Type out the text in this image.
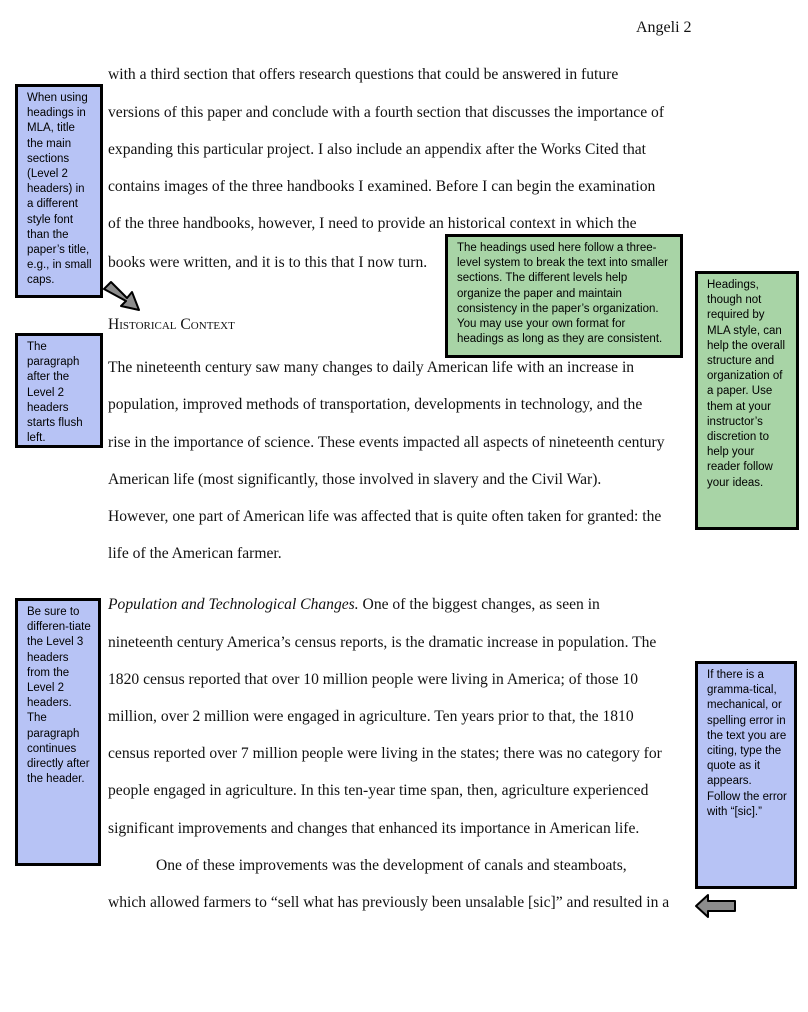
Angeli 2
with a third section that offers research questions that could be answered in future
versions of this paper and conclude with a fourth section that discusses the importance of
expanding this particular project. I also include an appendix after the Works Cited that
contains images of the three handbooks I examined. Before I can begin the examination
of the three handbooks, however, I need to provide an historical context in which the
books were written, and it is to this that I now turn.
Historical Context
The nineteenth century saw many changes to daily American life with an increase in
population, improved methods of transportation, developments in technology, and the
rise in the importance of science. These events impacted all aspects of nineteenth century
American life (most significantly, those involved in slavery and the Civil War).
However, one part of American life was affected that is quite often taken for granted: the
life of the American farmer.
Population and Technological Changes. One of the biggest changes, as seen in
nineteenth century America’s census reports, is the dramatic increase in population. The
1820 census reported that over 10 million people were living in America; of those 10
million, over 2 million were engaged in agriculture. Ten years prior to that, the 1810
census reported over 7 million people were living in the states; there was no category for
people engaged in agriculture. In this ten-year time span, then, agriculture experienced
significant improvements and changes that enhanced its importance in American life.
One of these improvements was the development of canals and steamboats,
which allowed farmers to “sell what has previously been unsalable [sic]” and resulted in a
When using headings in MLA, title the main sections (Level 2 headers) in a different style font than the paper’s title, e.g., in small caps.
The paragraph after the Level 2 headers starts flush left.
The headings used here follow a three-level system to break the text into smaller sections. The different levels help organize the paper and maintain consistency in the paper’s organization. You may use your own format for headings as long as they are consistent.
Headings, though not required by MLA style, can help the overall structure and organization of a paper. Use them at your instructor’s discretion to help your reader follow your ideas.
Be sure to differen-tiate the Level 3 headers from the Level 2 headers. The paragraph continues directly after the header.
If there is a gramma-tical, mechanical, or spelling error in the text you are citing, type the quote as it appears. Follow the error with “[sic].”
